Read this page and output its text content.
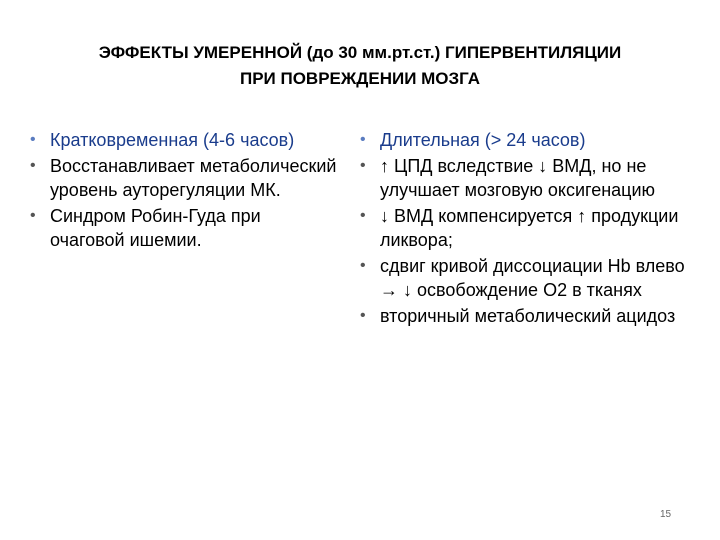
ЭФФЕКТЫ УМЕРЕННОЙ (до 30 мм.рт.ст.) ГИПЕРВЕНТИЛЯЦИИ
ПРИ ПОВРЕЖДЕНИИ МОЗГА
• Кратковременная (4-6 часов)
• Восстанавливает метаболический уровень ауторегуляции МК.
• Синдром Робин-Гуда при очаговой ишемии.
• Длительная (> 24 часов)
• ↑ ЦПД вследствие ↓ ВМД, но не улучшает мозговую оксигенацию
• ↓ ВМД компенсируется ↑ продукции ликвора;
• сдвиг кривой диссоциации Hb влево → ↓ освобождение О2 в тканях
• вторичный метаболический ацидоз
15
